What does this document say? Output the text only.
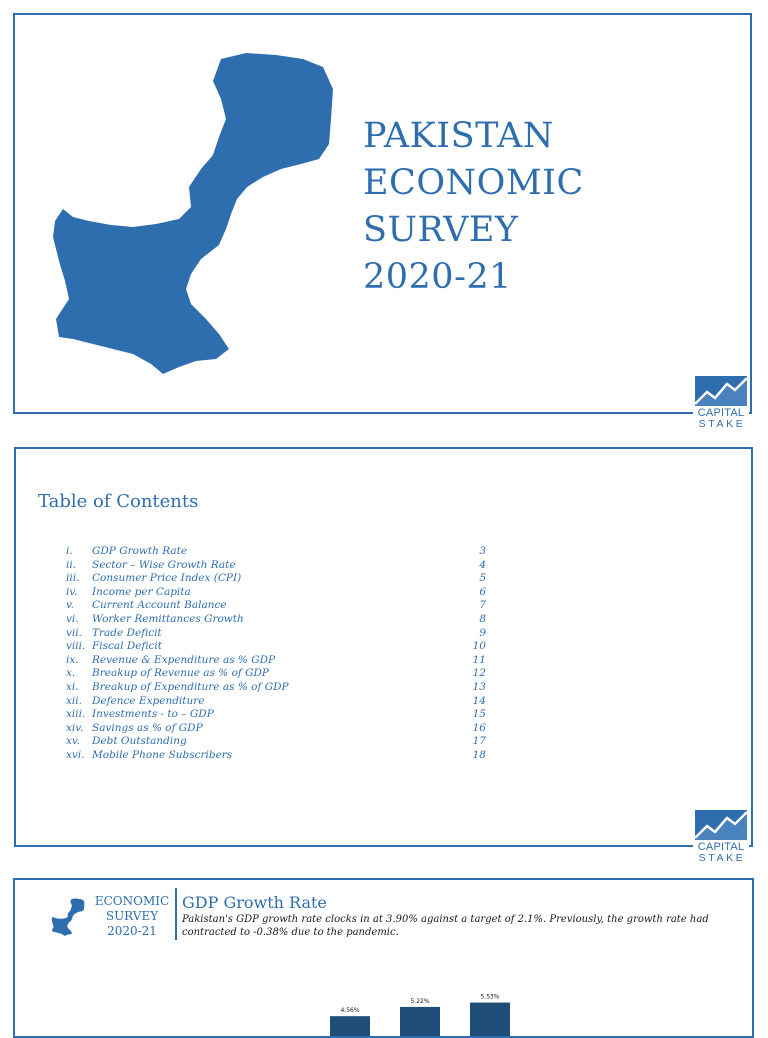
PAKISTAN
ECONOMIC
SURVEY
2020-21
CAPITAL
STAKE
Table of Contents
i.	GDP Growth Rate	3
ii.	Sector – Wise Growth Rate	4
iii.	Consumer Price Index (CPI)	5
iv.	Income per Capita	6
v.	Current Account Balance	7
vi.	Worker Remittances Growth	8
vii. Trade Deficit	9
viii. Fiscal Deficit	10
ix.	Revenue & Expenditure as % GDP	11
x.	Breakup of Revenue as % of GDP	12
xi.	Breakup of Expenditure as % of GDP	13
xii. Defence Expenditure	14
xiii. Investments - to – GDP	15
xiv. Savings as % of GDP	16
xv.	Debt Outstanding	17
xvi. Mobile Phone Subscribers	18
CAPITAL
STAKE
ECONOMIC
SURVEY
2020-21
GDP Growth Rate
Pakistan's GDP growth rate clocks in at 3.90% against a target of 2.1%. Previously, the growth rate had contracted to -0.38% due to the pandemic.
4.56%
5.22%
5.53%
